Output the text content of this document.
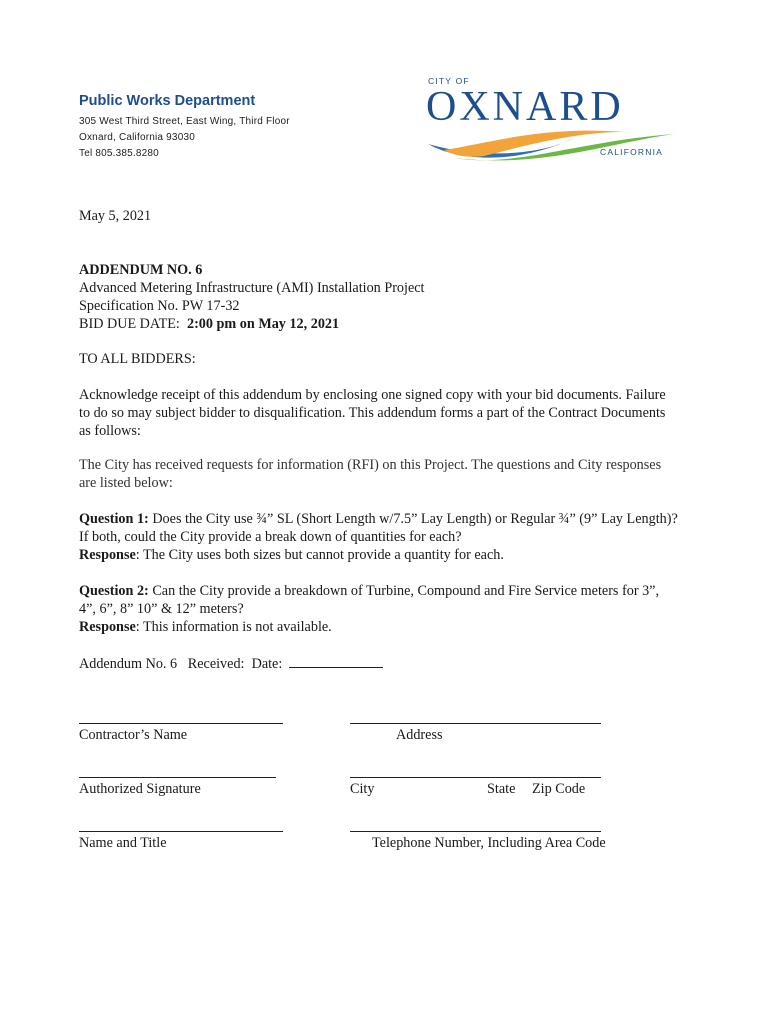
Public Works Department

305 West Third Street, East Wing, Third Floor
Oxnard, California 93030
Tel 805.385.8280
CITY OF
OXNARD
CALIFORNIA

May 5, 2021

ADDENDUM NO. 6
Advanced Metering Infrastructure (AMI) Installation Project
Specification No. PW 17-32
BID DUE DATE:  2:00 pm on May 12, 2021

TO ALL BIDDERS:

Acknowledge receipt of this addendum by enclosing one signed copy with your bid documents. Failure to do so may subject bidder to disqualification. This addendum forms a part of the Contract Documents as follows:

The City has received requests for information (RFI) on this Project. The questions and City responses are listed below:

Question 1: Does the City use ¾” SL (Short Length w/7.5” Lay Length) or Regular ¾” (9” Lay Length)? If both, could the City provide a break down of quantities for each?
Response: The City uses both sizes but cannot provide a quantity for each.
Question 2: Can the City provide a breakdown of Turbine, Compound and Fire Service meters for 3”, 4”, 6”, 8” 10” & 12” meters?
Response: This information is not available.

Addendum No. 6   Received:  Date:

Contractor’s Name	Address
Authorized Signature	City	State Zip Code
Name and Title	Telephone Number, Including Area Code
